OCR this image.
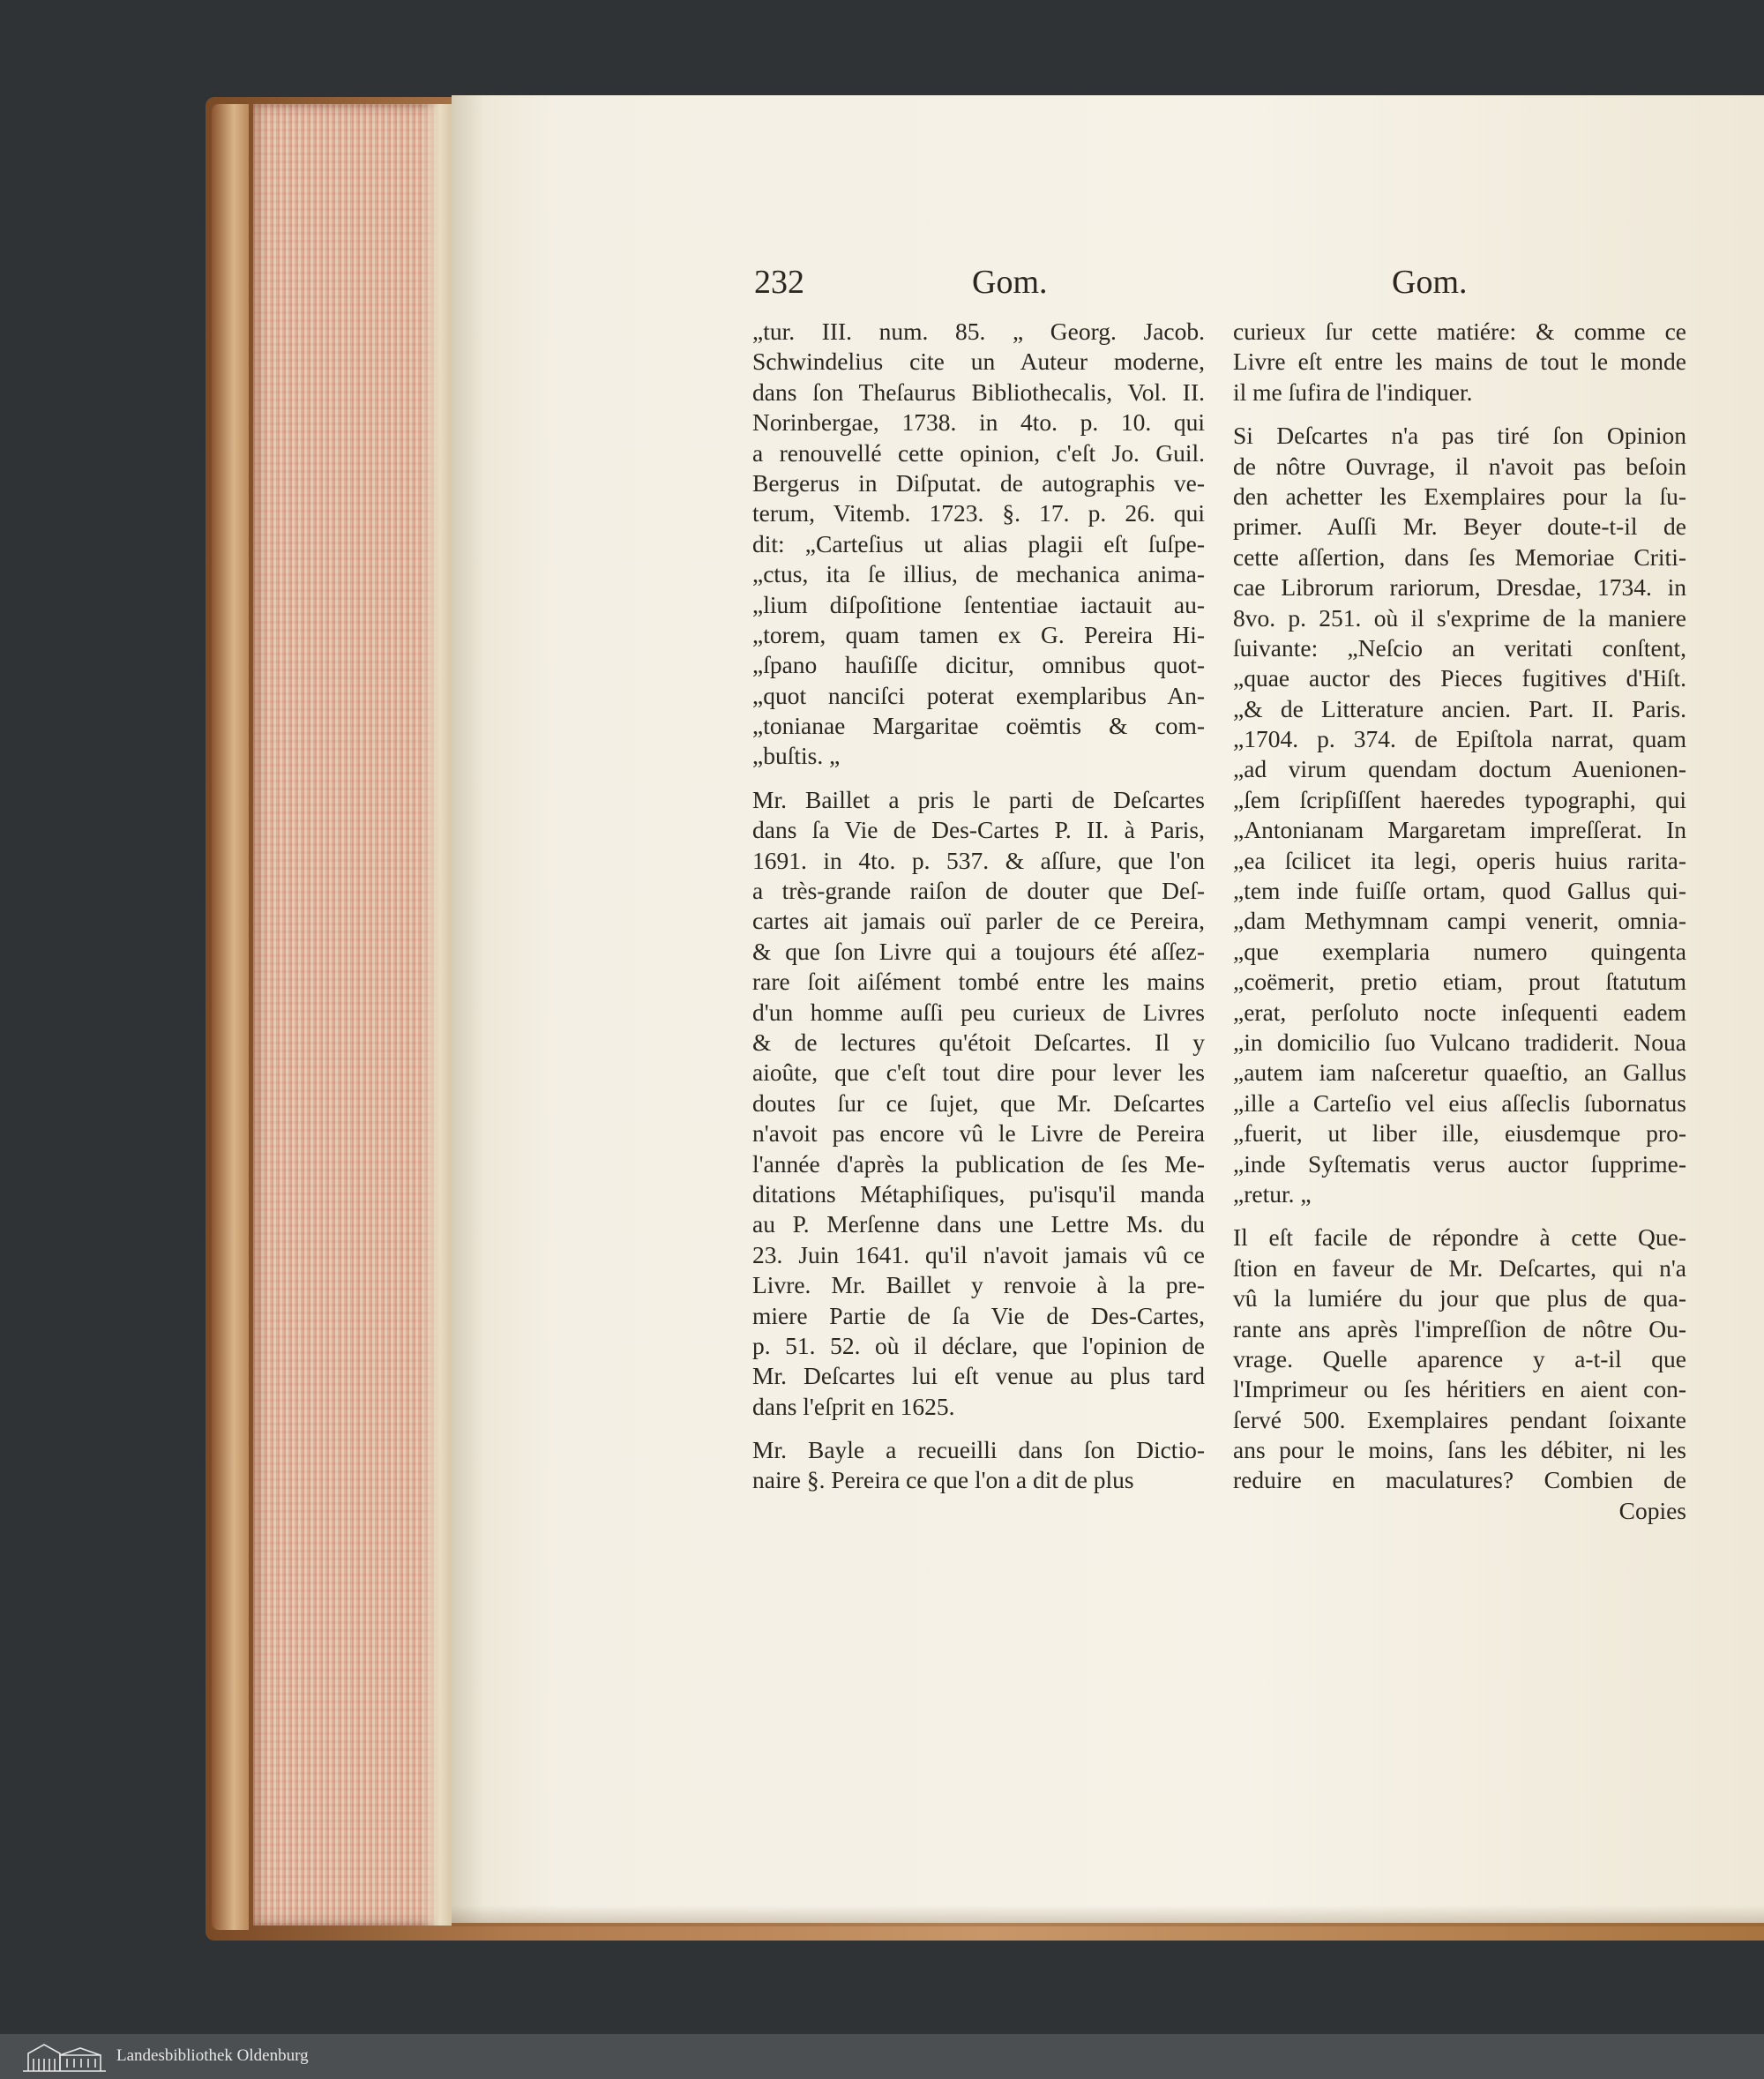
232	Gom.	Gom.
„tur. III. num. 85. „ Georg. Jacob.
Schwindelius cite un Auteur moderne,
dans ſon Theſaurus Bibliothecalis, Vol. II.
Norinbergae, 1738. in 4to. p. 10. qui
a renouvellé cette opinion, c'eſt Jo. Guil.
Bergerus in Diſputat. de autographis ve-
terum, Vitemb. 1723. §. 17. p. 26. qui
dit: „Carteſius ut alias plagii eſt ſuſpe-
„ctus, ita ſe illius, de mechanica anima-
„lium diſpoſitione ſententiae iactauit au-
„torem, quam tamen ex G. Pereira Hi-
„ſpano hauſiſſe dicitur, omnibus quot-
„quot nanciſci poterat exemplaribus An-
„tonianae Margaritae coëmtis & com-
„buſtis. „
Mr. Baillet a pris le parti de Deſcartes
dans ſa Vie de Des-Cartes P. II. à Paris,
1691. in 4to. p. 537. & aſſure, que l'on
a très-grande raiſon de douter que Deſ-
cartes ait jamais ouï parler de ce Pereira,
& que ſon Livre qui a toujours été aſſez-
rare ſoit aiſément tombé entre les mains
d'un homme auſſi peu curieux de Livres
& de lectures qu'étoit Deſcartes. Il y
aioûte, que c'eſt tout dire pour lever les
doutes ſur ce ſujet, que Mr. Deſcartes
n'avoit pas encore vû le Livre de Pereira
l'année d'après la publication de ſes Me-
ditations Métaphiſiques, pu'isqu'il manda
au P. Merſenne dans une Lettre Ms. du
23. Juin 1641. qu'il n'avoit jamais vû ce
Livre. Mr. Baillet y renvoie à la pre-
miere Partie de ſa Vie de Des-Cartes,
p. 51. 52. où il déclare, que l'opinion de
Mr. Deſcartes lui eſt venue au plus tard
dans l'eſprit en 1625.
Mr. Bayle a recueilli dans ſon Dictio-
naire §. Pereira ce que l'on a dit de plus
curieux ſur cette matiére: & comme ce
Livre eſt entre les mains de tout le monde
il me ſufira de l'indiquer.
Si Deſcartes n'a pas tiré ſon Opinion
de nôtre Ouvrage, il n'avoit pas beſoin
den achetter les Exemplaires pour la ſu-
primer. Auſſi Mr. Beyer doute-t-il de
cette aſſertion, dans ſes Memoriae Criti-
cae Librorum rariorum, Dresdae, 1734. in
8vo. p. 251. où il s'exprime de la maniere
ſuivante: „Neſcio an veritati conſtent,
„quae auctor des Pieces fugitives d'Hiſt.
„& de Litterature ancien. Part. II. Paris.
„1704. p. 374. de Epiſtola narrat, quam
„ad virum quendam doctum Auenionen-
„ſem ſcripſiſſent haeredes typographi, qui
„Antonianam Margaretam impreſſerat. In
„ea ſcilicet ita legi, operis huius rarita-
„tem inde fuiſſe ortam, quod Gallus qui-
„dam Methymnam campi venerit, omnia-
„que exemplaria numero quingenta
„coëmerit, pretio etiam, prout ſtatutum
„erat, perſoluto nocte inſequenti eadem
„in domicilio ſuo Vulcano tradiderit. Noua
„autem iam naſceretur quaeſtio, an Gallus
„ille a Carteſio vel eius aſſeclis ſubornatus
„fuerit, ut liber ille, eiusdemque pro-
„inde Syſtematis verus auctor ſupprime-
„retur. „
Il eſt facile de répondre à cette Que-
ſtion en faveur de Mr. Deſcartes, qui n'a
vû la lumiére du jour que plus de qua-
rante ans après l'impreſſion de nôtre Ou-
vrage. Quelle aparence y a-t-il que
l'Imprimeur ou ſes héritiers en aient con-
ſervé 500. Exemplaires pendant ſoixante
ans pour le moins, ſans les débiter, ni les
reduire en maculatures? Combien de
Copies
Landesbibliothek Oldenburg
